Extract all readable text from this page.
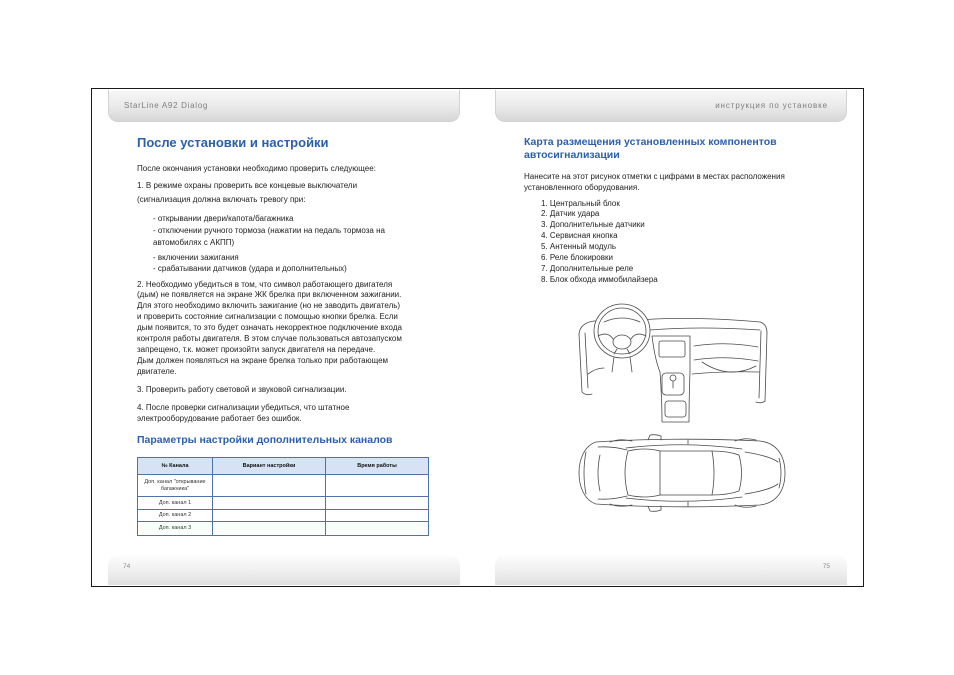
StarLine A92 Dialog
После установки и настройки
После окончания установки необходимо проверить следующее:
1. В режиме охраны проверить все концевые выключатели
(сигнализация должна включать тревогу при:
- открывании двери/капота/багажника
- отключении ручного тормоза (нажатии на педаль тормоза на
автомобилях с АКПП)
- включении зажигания
- срабатывании датчиков (удара и дополнительных)
2. Необходимо убедиться в том, что символ работающего двигателя
(дым) не появляется на экране ЖК брелка при включенном зажигании.
Для этого необходимо включить зажигание (но не заводить двигатель)
и проверить состояние сигнализации с помощью кнопки брелка. Если
дым появится, то это будет означать некорректное подключение входа
контроля работы двигателя. В этом случае пользоваться автозапуском
запрещено, т.к. может произойти запуск двигателя на передаче.
Дым должен появляться на экране брелка только при работающем
двигателе.
3. Проверить работу световой и звуковой сигнализации.
4. После проверки сигнализации убедиться, что штатное
электрооборудование работает без ошибок.
Параметры настройки дополнительных каналов
№ Канала	Вариант настройки	Время работы

Доп. канал "открывание
багажника"		

Доп. канал 1		

Доп. канал 2		

Доп. канал 3		

74
инструкция по установке
Карта размещения установленных компонентов
автосигнализации
Нанесите на этот рисунок отметки с цифрами в местах расположения
установленного оборудования.
1. Центральный блок
2. Датчик удара
3. Дополнительные датчики
4. Сервисная кнопка
5. Антенный модуль
6. Реле блокировки
7. Дополнительные реле
8. Блок обхода иммобилайзера
75
